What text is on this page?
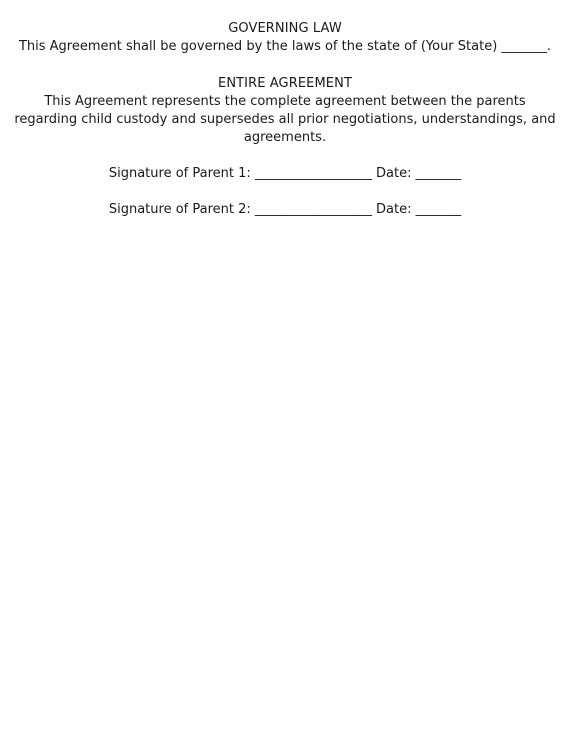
GOVERNING LAW
This Agreement shall be governed by the laws of the state of (Your State) _______.
ENTIRE AGREEMENT
This Agreement represents the complete agreement between the parents regarding child custody and supersedes all prior negotiations, understandings, and agreements.
Signature of Parent 1: __________________ Date: _______
Signature of Parent 2: __________________ Date: _______
